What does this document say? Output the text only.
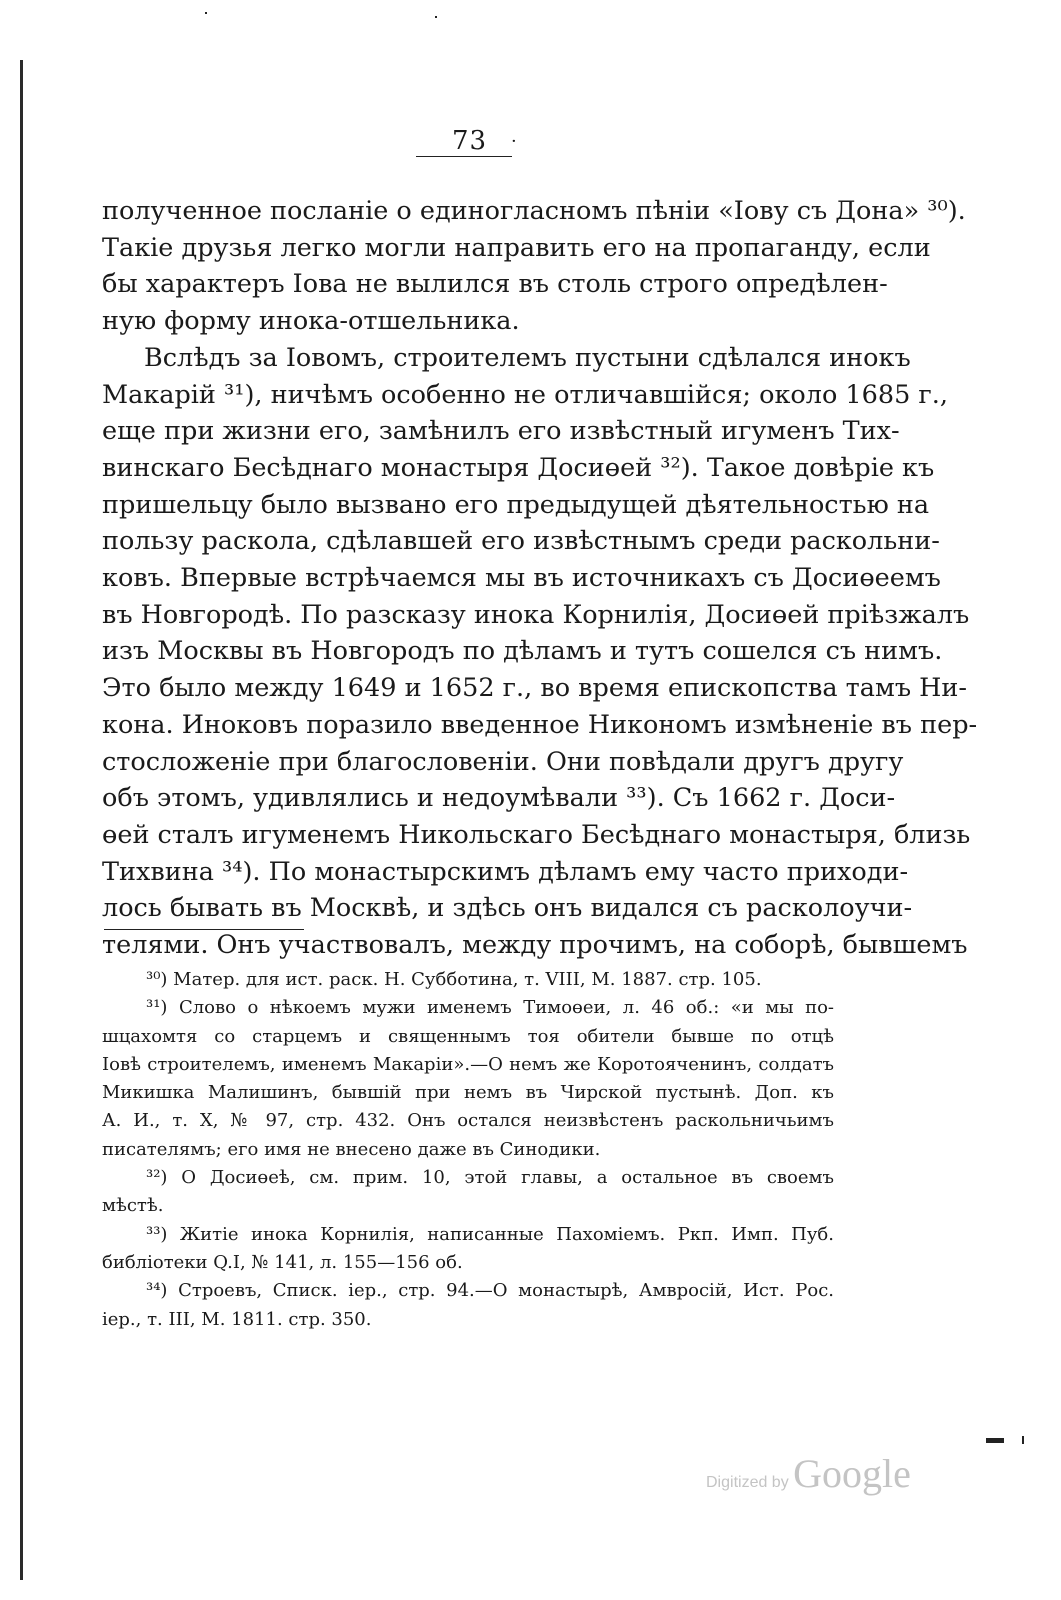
73 ·
полученное посланіе о единогласномъ пѣніи «Іову съ Дона» ³⁰).
Такіе друзья легко могли направить его на пропаганду, если
бы характеръ Іова не вылился въ столь строго опредѣлен-
ную форму инока-отшельника.
Вслѣдъ за Іовомъ, строителемъ пустыни сдѣлался инокъ
Макарій ³¹), ничѣмъ особенно не отличавшійся; около 1685 г.,
еще при жизни его, замѣнилъ его извѣстный игуменъ Тих-
винскаго Бесѣднаго монастыря Досиөей ³²). Такое довѣріе къ
пришельцу было вызвано его предыдущей дѣятельностью на
пользу раскола, сдѣлавшей его извѣстнымъ среди раскольни-
ковъ. Впервые встрѣчаемся мы въ источникахъ съ Досиөеемъ
въ Новгородѣ. По разсказу инока Корнилія, Досиөей пріѣзжалъ
изъ Москвы въ Новгородъ по дѣламъ и тутъ сошелся съ нимъ.
Это было между 1649 и 1652 г., во время епископства тамъ Ни-
кона. Иноковъ поразило введенное Никономъ измѣненіе въ пер-
стосложеніе при благословеніи. Они повѣдали другъ другу
объ этомъ, удивлялись и недоумѣвали ³³). Съ 1662 г. Доси-
өей сталъ игуменемъ Никольскаго Бесѣднаго монастыря, близь
Тихвина ³⁴). По монастырскимъ дѣламъ ему часто приходи-
лось бывать въ Москвѣ, и здѣсь онъ видался съ расколоучи-
телями. Онъ участвовалъ, между прочимъ, на соборѣ, бывшемъ
³⁰) Матер. для ист. раск. Н. Субботина, т. VIII, М. 1887. стр. 105.
³¹) Слово о нѣкоемъ мужи именемъ Тимоөеи, л. 46 об.: «и мы по-
шцахомтя со старцемъ и священнымъ тоя обители бывше по отцѣ
Іовѣ строителемъ, именемъ Макаріи».—О немъ же Коротояченинъ, солдатъ
Микишка Малишинъ, бывшій при немъ въ Чирской пустынѣ. Доп. къ
А. И., т. X, № 97, стр. 432. Онъ остался неизвѣстенъ раскольничьимъ
писателямъ; его имя не внесено даже въ Синодики.
³²) О Досиөеѣ, см. прим. 10, этой главы, а остальное въ своемъ
мѣстѣ.
³³) Житіе инока Корнилія, написанные Пахоміемъ. Ркп. Имп. Пуб.
библіотеки Q.I, № 141, л. 155—156 об.
³⁴) Строевъ, Списк. іер., стр. 94.—О монастырѣ, Амвросій, Ист. Рос.
іер., т. III, М. 1811. стр. 350.
Digitized by Google
